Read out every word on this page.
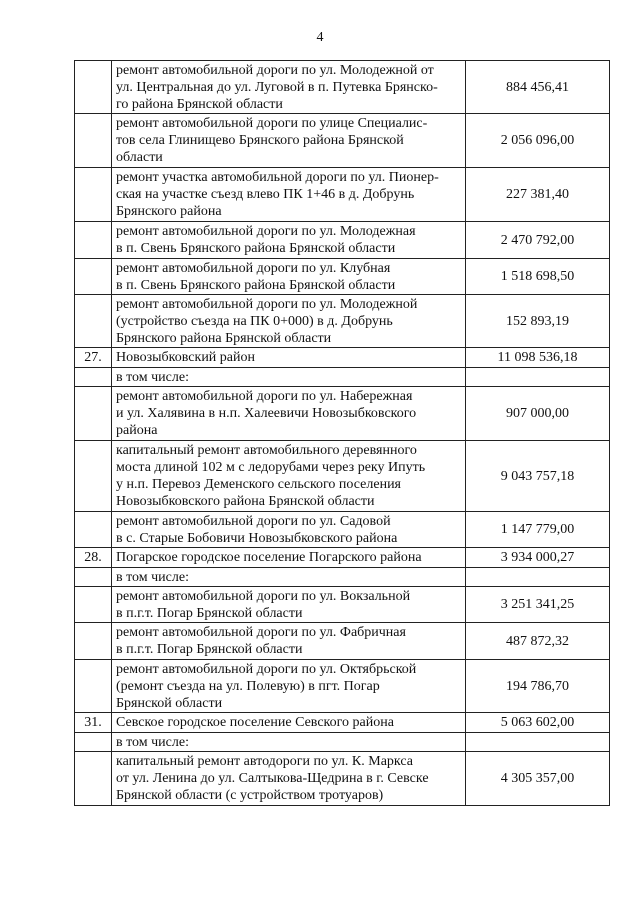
4
	ремонт автомобильной дороги по ул. Молодежной от
ул. Центральная до ул. Луговой в п. Путевка Брянско-
го района Брянской области	884 456,41
	ремонт автомобильной дороги по улице Специалис-
тов села Глинищево Брянского района Брянской
области	2 056 096,00
	ремонт участка автомобильной дороги по ул. Пионер-
ская на участке съезд влево ПК 1+46 в д. Добрунь
Брянского района	227 381,40
	ремонт автомобильной дороги по ул. Молодежная
в п. Свень Брянского района Брянской области	2 470 792,00
	ремонт автомобильной дороги по ул. Клубная
в п. Свень Брянского района Брянской области	1 518 698,50
	ремонт автомобильной дороги по ул. Молодежной
(устройство съезда на ПК 0+000) в д. Добрунь
Брянского района Брянской области	152 893,19
27.	Новозыбковский район	11 098 536,18
	в том числе:	
	ремонт автомобильной дороги по ул. Набережная
и ул. Халявина в н.п. Халеевичи Новозыбковского
района	907 000,00
	капитальный ремонт автомобильного деревянного
моста длиной 102 м с ледорубами через реку Ипуть
у н.п. Перевоз Деменского сельского поселения
Новозыбковского района Брянской области	9 043 757,18
	ремонт автомобильной дороги по ул. Садовой
в с. Старые Бобовичи Новозыбковского района	1 147 779,00
28.	Погарское городское поселение Погарского района	3 934 000,27
	в том числе:	
	ремонт автомобильной дороги по ул. Вокзальной
в п.г.т. Погар Брянской области	3 251 341,25
	ремонт автомобильной дороги по ул. Фабричная
в п.г.т. Погар Брянской области	487 872,32
	ремонт автомобильной дороги по ул. Октябрьской
(ремонт съезда на ул. Полевую) в пгт. Погар
Брянской области	194 786,70
31.	Севское городское поселение Севского района	5 063 602,00
	в том числе:	
	капитальный ремонт автодороги по ул. К. Маркса
от ул. Ленина до ул. Салтыкова-Щедрина в г. Севске
Брянской области (с устройством тротуаров)	4 305 357,00
